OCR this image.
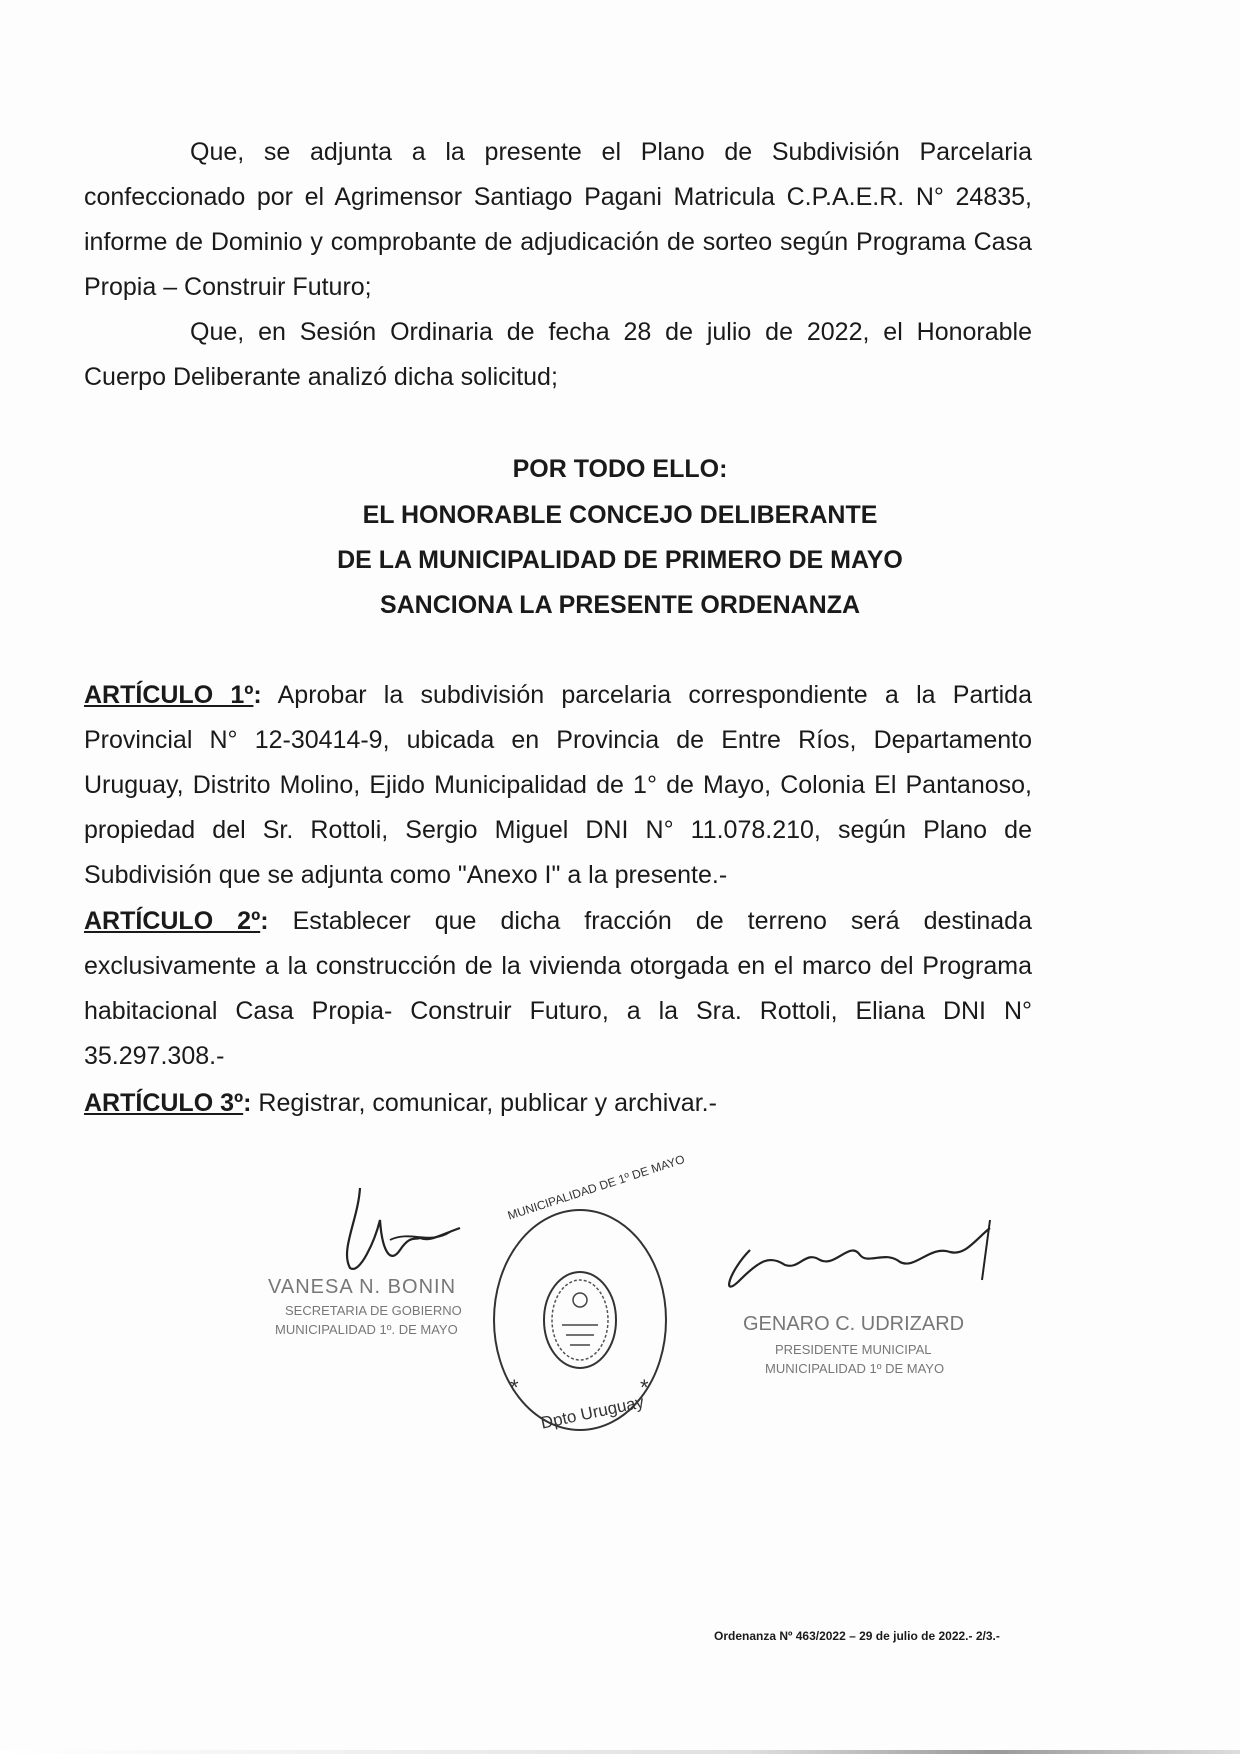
Que, se adjunta a la presente el Plano de Subdivisión Parcelaria confeccionado por el Agrimensor Santiago Pagani Matricula C.P.A.E.R. N° 24835, informe de Dominio y comprobante de adjudicación de sorteo según Programa Casa Propia – Construir Futuro;

Que, en Sesión Ordinaria de fecha 28 de julio de 2022, el Honorable Cuerpo Deliberante analizó dicha solicitud;

POR TODO ELLO:

EL HONORABLE CONCEJO DELIBERANTE

DE LA MUNICIPALIDAD DE PRIMERO DE MAYO

SANCIONA LA PRESENTE ORDENANZA

ARTÍCULO 1º: Aprobar la subdivisión parcelaria correspondiente a la Partida Provincial N° 12-30414-9, ubicada en Provincia de Entre Ríos, Departamento Uruguay, Distrito Molino, Ejido Municipalidad de 1° de Mayo, Colonia El Pantanoso, propiedad del Sr. Rottoli, Sergio Miguel DNI N° 11.078.210, según Plano de Subdivisión que se adjunta como "Anexo I" a la presente.-

ARTÍCULO 2º: Establecer que dicha fracción de terreno será destinada exclusivamente a la construcción de la vivienda otorgada en el marco del Programa habitacional Casa Propia- Construir Futuro, a la Sra. Rottoli, Eliana DNI N° 35.297.308.-

ARTÍCULO 3º: Registrar, comunicar, publicar y archivar.-

VANESA N. BONIN
SECRETARIA DE GOBIERNO
MUNICIPALIDAD 1º. DE MAYO
*	*
MUNICIPALIDAD DE 1º DE MAYO
Dpto Uruguay
GENARO C. UDRIZARD
PRESIDENTE MUNICIPAL
MUNICIPALIDAD 1º DE MAYO
Ordenanza Nº 463/2022 – 29 de julio de 2022.- 2/3.-
